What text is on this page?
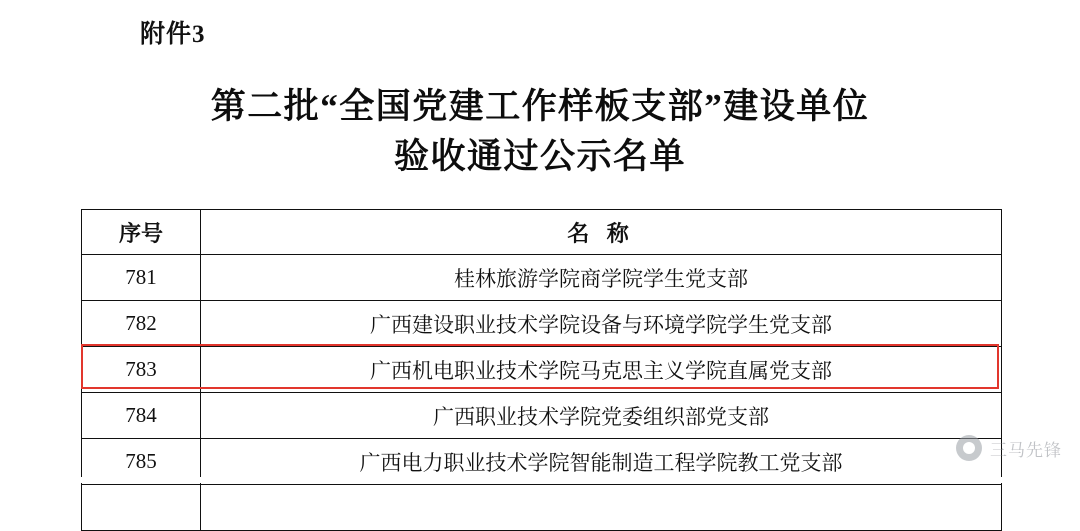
附件3
第二批“全国党建工作样板支部”建设单位
验收通过公示名单
序号	名 称
781	桂林旅游学院商学院学生党支部
782	广西建设职业技术学院设备与环境学院学生党支部
783	广西机电职业技术学院马克思主义学院直属党支部
784	广西职业技术学院党委组织部党支部
785	广西电力职业技术学院智能制造工程学院教工党支部

三马先锋
